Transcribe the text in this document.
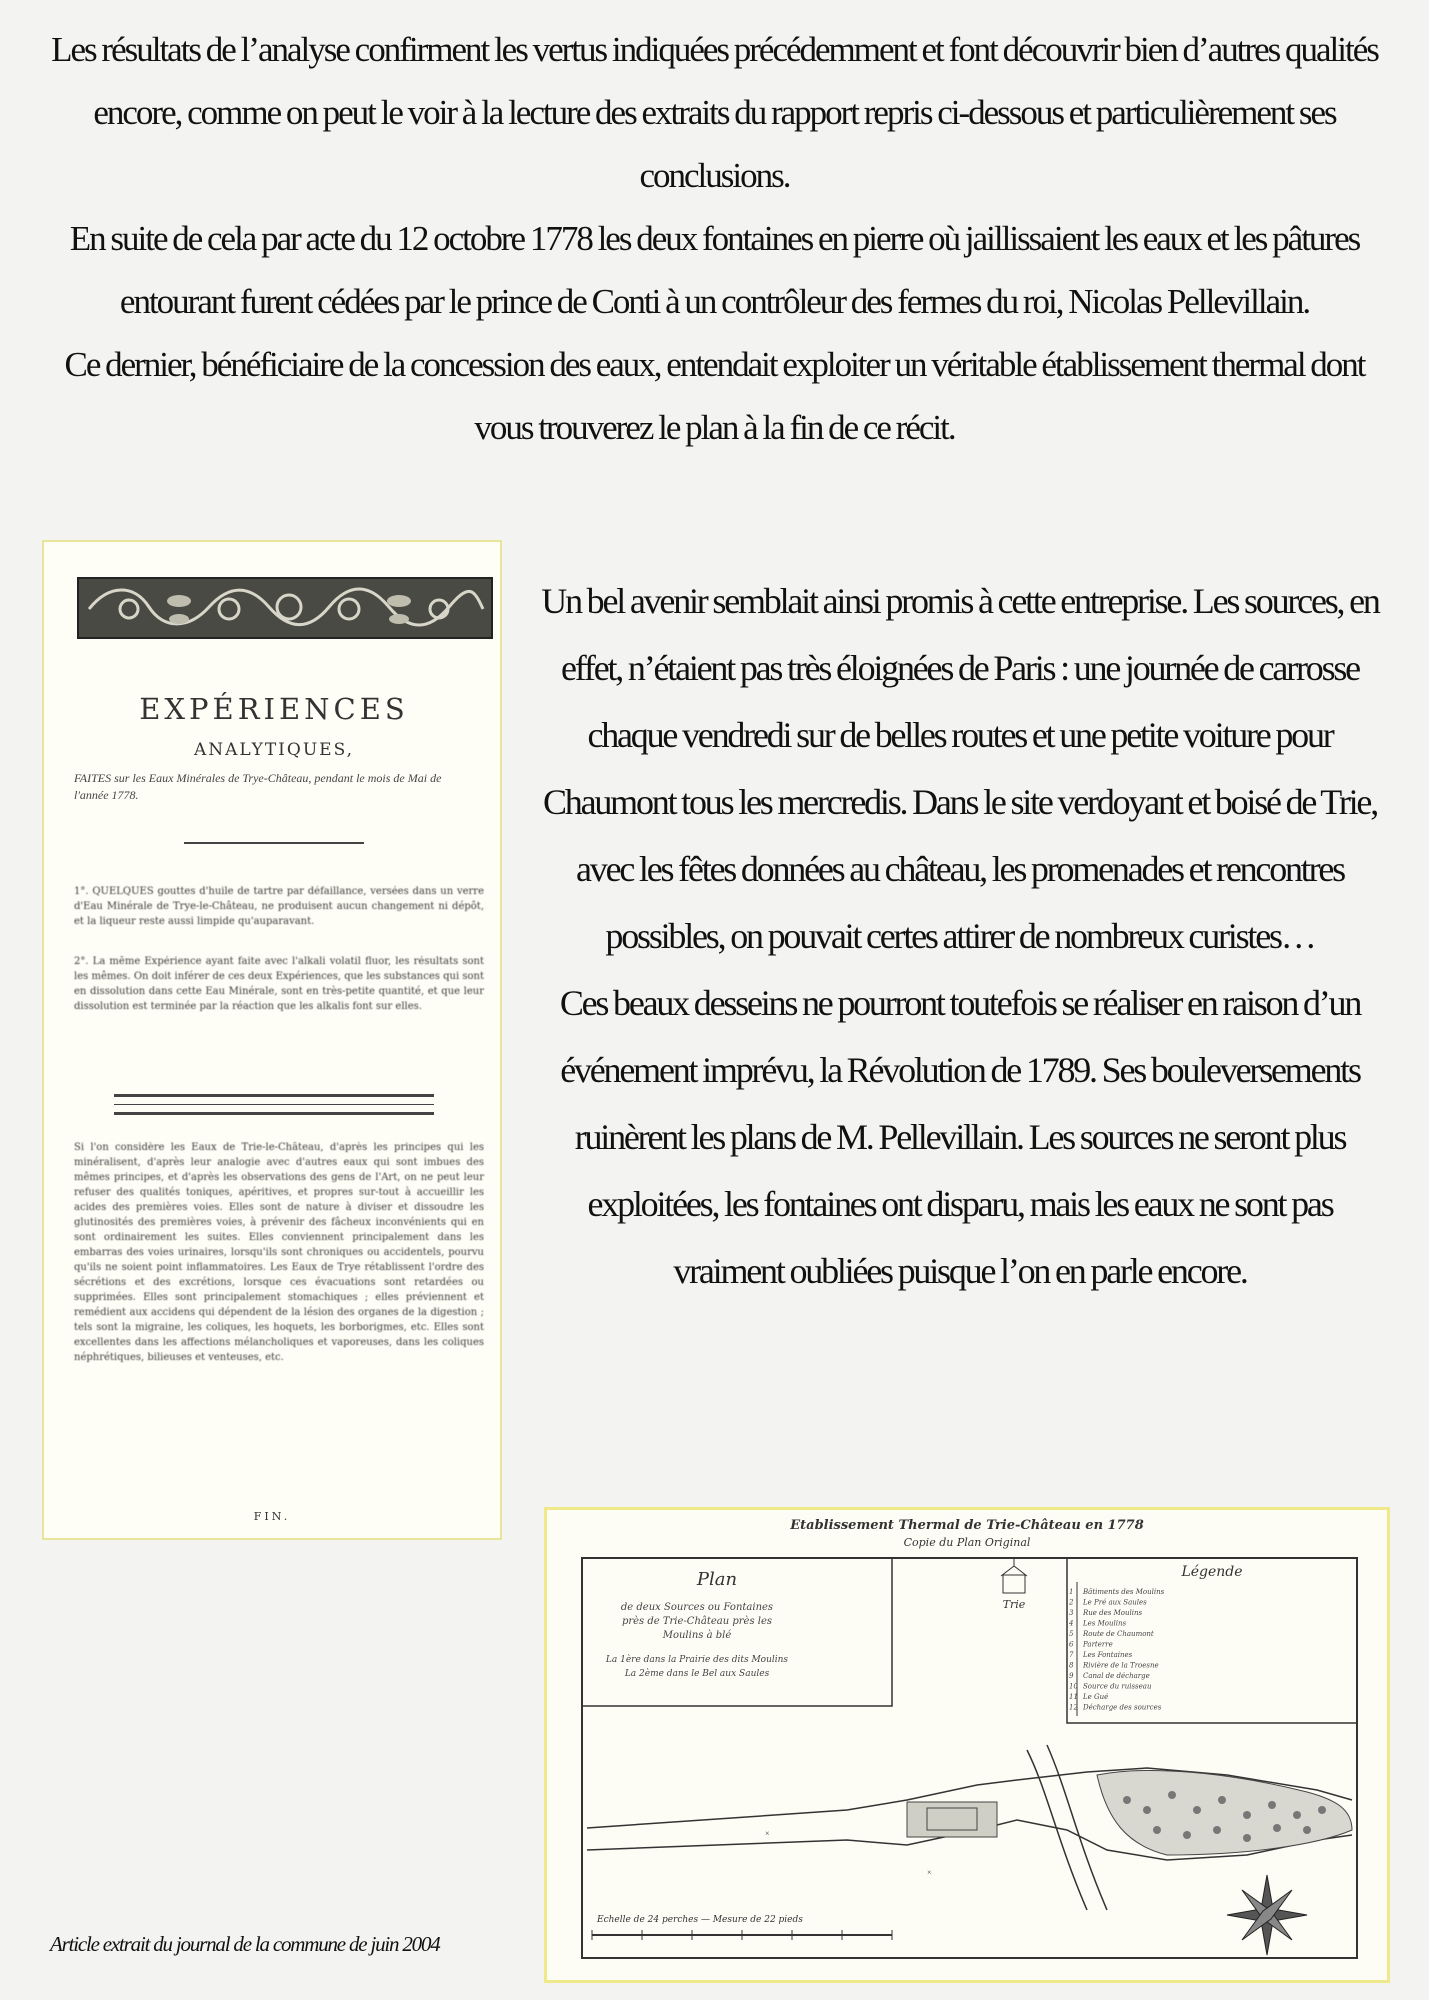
Les résultats de l’analyse confirment les vertus indiquées précédemment et font découvrir bien d’autres qualités encore, comme on peut le voir à la lecture des extraits du rapport repris ci-dessous et particulièrement ses conclusions.

En suite de cela par acte du 12 octobre 1778 les deux fontaines en pierre où jaillissaient les eaux et les pâtures entourant furent cédées par le prince de Conti à un contrôleur des fermes du roi, Nicolas Pellevillain.

Ce dernier, bénéficiaire de la concession des eaux, entendait exploiter un véritable établissement thermal dont vous trouverez le plan à la fin de ce récit.

EXPÉRIENCES
ANALYTIQUES,
FAITES sur les Eaux Minérales de Trye-Château, pendant le mois de Mai de l'année 1778.
1°. QUELQUES gouttes d'huile de tartre par défaillance, versées dans un verre d'Eau Minérale de Trye-le-Château, ne produisent aucun changement ni dépôt, et la liqueur reste aussi limpide qu'auparavant.
2°. La même Expérience ayant faite avec l'alkali volatil fluor, les résultats sont les mêmes. On doit inférer de ces deux Expériences, que les substances qui sont en dissolution dans cette Eau Minérale, sont en très-petite quantité, et que leur dissolution est terminée par la réaction que les alkalis font sur elles.
Si l'on considère les Eaux de Trie-le-Château, d'après les principes qui les minéralisent, d'après leur analogie avec d'autres eaux qui sont imbues des mêmes principes, et d'après les observations des gens de l'Art, on ne peut leur refuser des qualités toniques, apéritives, et propres sur-tout à accueillir les acides des premières voies. Elles sont de nature à diviser et dissoudre les glutinosités des premières voies, à prévenir des fâcheux inconvénients qui en sont ordinairement les suites. Elles conviennent principalement dans les embarras des voies urinaires, lorsqu'ils sont chroniques ou accidentels, pourvu qu'ils ne soient point inflammatoires. Les Eaux de Trye rétablissent l'ordre des sécrétions et des excrétions, lorsque ces évacuations sont retardées ou supprimées. Elles sont principalement stomachiques ; elles préviennent et remédient aux accidens qui dépendent de la lésion des organes de la digestion ; tels sont la migraine, les coliques, les hoquets, les borborigmes, etc. Elles sont excellentes dans les affections mélancholiques et vaporeuses, dans les coliques néphrétiques, bilieuses et venteuses, etc.
FIN.

Un bel avenir semblait ainsi promis à cette entreprise. Les sources, en effet, n’étaient pas très éloignées de Paris : une journée de carrosse chaque vendredi sur de belles routes et une petite voiture pour Chaumont tous les mercredis. Dans le site verdoyant et boisé de Trie, avec les fêtes données au château, les promenades et rencontres possibles, on pouvait certes attirer de nombreux curistes…

Ces beaux desseins ne pourront toutefois se réaliser en raison d’un événement imprévu, la Révolution de 1789. Ses bouleversements ruinèrent les plans de M. Pellevillain. Les sources ne seront plus exploitées, les fontaines ont disparu, mais les eaux ne sont pas vraiment oubliées puisque l’on en parle encore.

Etablissement Thermal de Trie-Château en 1778
Copie du Plan Original
Plan
de deux Sources ou Fontaines
près de Trie-Château près les
Moulins à blé
La 1ère dans la Prairie des dits Moulins
La 2ème dans le Bel aux Saules
Trie
Légende
1 Bâtiments des Moulins
2 Le Pré aux Saules
3 Rue des Moulins
4 Les Moulins
5 Route de Chaumont
6 Parterre
7 Les Fontaines
8 Rivière de la Troesne
9 Canal de décharge
10 Source du ruisseau
11 Le Gué
12 Décharge des sources
×
×
Echelle de 24 perches — Mesure de 22 pieds
Article extrait du journal de la commune de juin 2004
